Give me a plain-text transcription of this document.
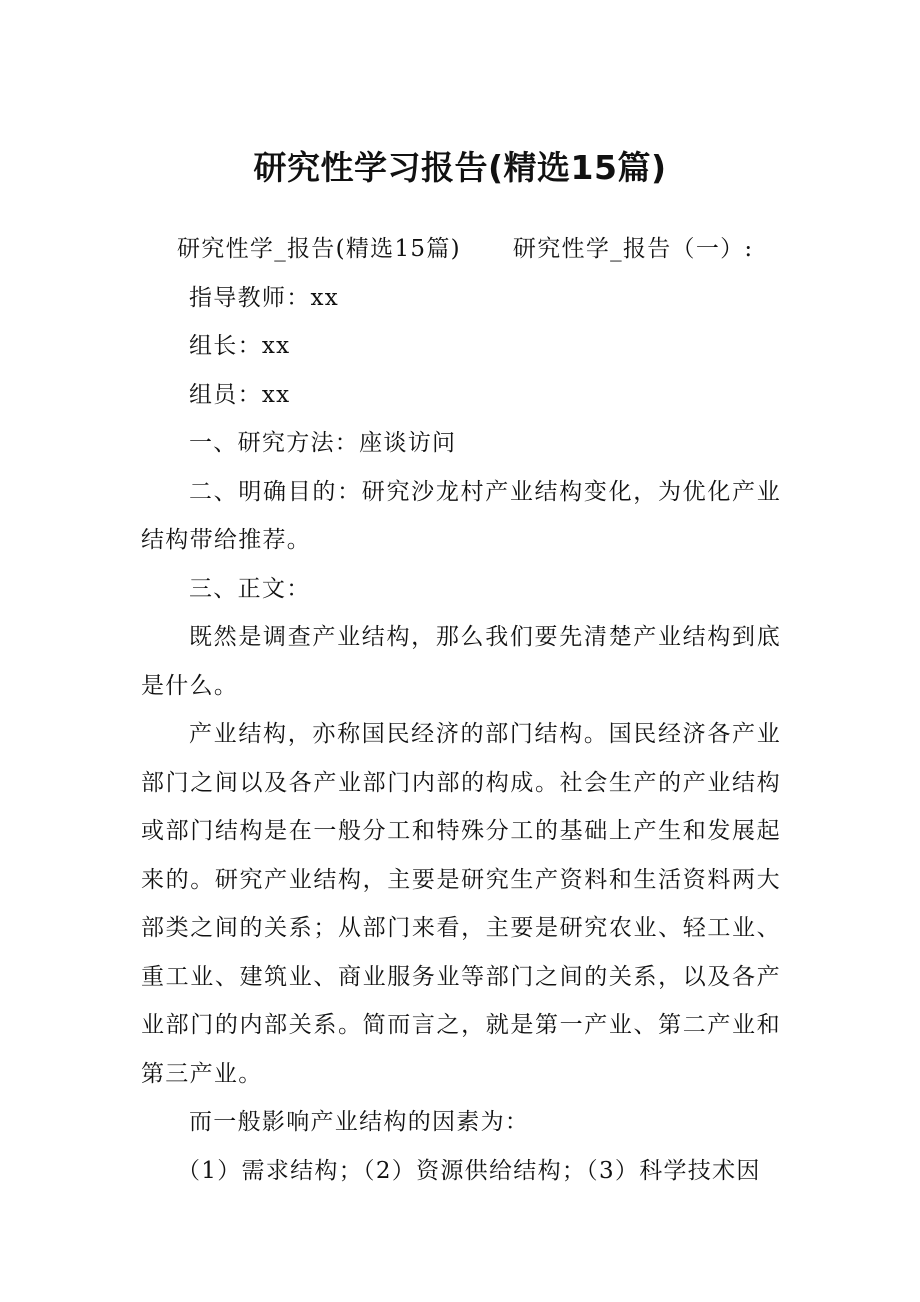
研究性学习报告(精选15篇)

研究性学_报告(精选15篇) 研究性学_报告（一）:

指导教师：xx

组长：xx

组员：xx

一、研究方法：座谈访问

二、明确目的：研究沙龙村产业结构变化，为优化产业结构带给推荐。

三、正文：

既然是调查产业结构，那么我们要先清楚产业结构到底是什么。

产业结构，亦称国民经济的部门结构。国民经济各产业部门之间以及各产业部门内部的构成。社会生产的产业结构或部门结构是在一般分工和特殊分工的基础上产生和发展起来的。研究产业结构，主要是研究生产资料和生活资料两大部类之间的关系；从部门来看，主要是研究农业、轻工业、重工业、建筑业、商业服务业等部门之间的关系，以及各产业部门的内部关系。简而言之，就是第一产业、第二产业和第三产业。

而一般影响产业结构的因素为：

（1）需求结构；（2）资源供给结构；（3）科学技术因
